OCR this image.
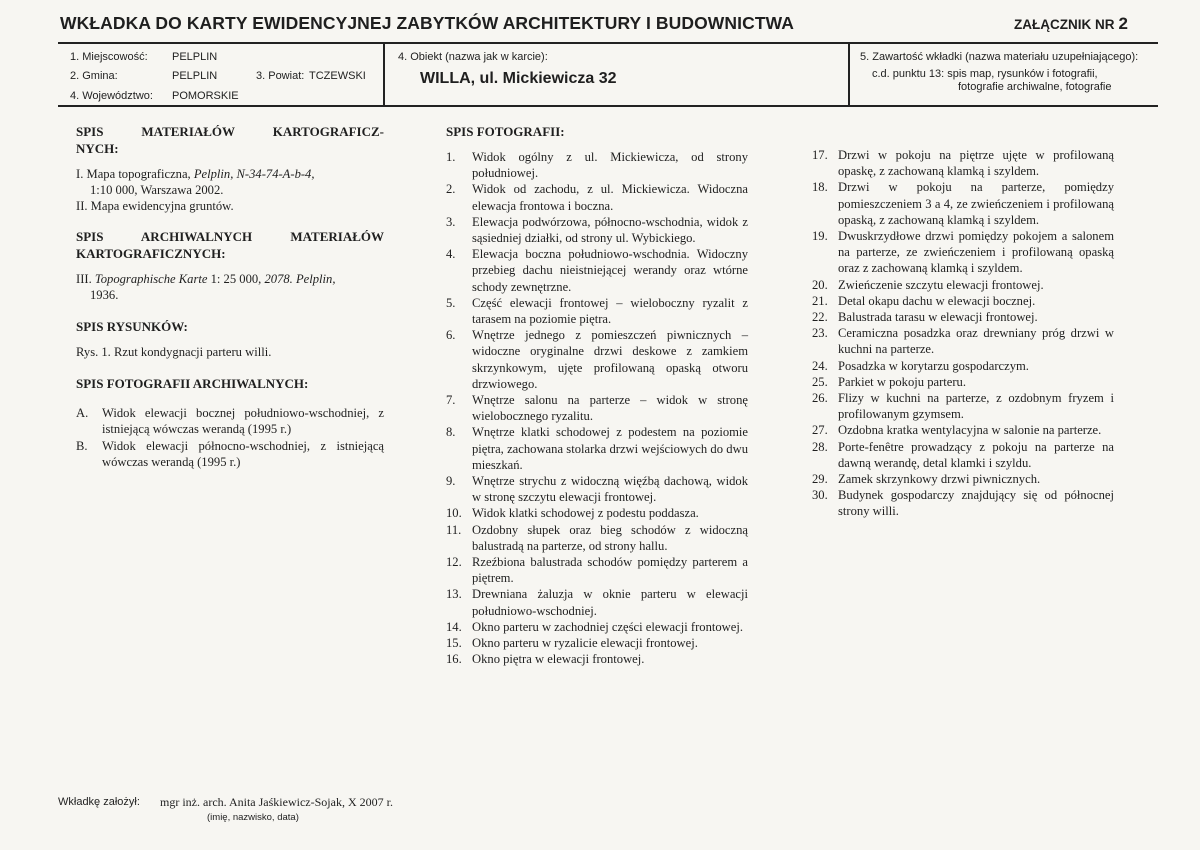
WKŁADKA DO KARTY EWIDENCYJNEJ ZABYTKÓW ARCHITEKTURY I BUDOWNICTWA	ZAŁĄCZNIK NR 2
1. Miejscowość: PELPLIN
2. Gmina:	PELPLIN	3. Powiat: TCZEWSKI
4. Województwo: POMORSKIE
4. Obiekt (nazwa jak w karcie):
WILLA, ul. Mickiewicza 32
5. Zawartość wkładki (nazwa materiału uzupełniającego):
c.d. punktu 13: spis map, rysunków i fotografii,
fotografie archiwalne, fotografie
SPIS MATERIAŁÓW KARTOGRAFICZ-
NYCH:
I. Mapa topograficzna, Pelplin, N-34-74-A-b-4,
1:10 000, Warszawa 2002.
II. Mapa ewidencyjna gruntów.
SPIS ARCHIWALNYCH MATERIAŁÓW
KARTOGRAFICZNYCH:
III. Topographische Karte 1: 25 000, 2078. Pelplin,
1936.
SPIS RYSUNKÓW:
Rys. 1. Rzut kondygnacji parteru willi.
SPIS FOTOGRAFII ARCHIWALNYCH:
A.	Widok elewacji bocznej południowo-wschodniej, z istniejącą wówczas werandą (1995 r.)
B.	Widok elewacji północno-wschodniej, z istniejącą wówczas werandą (1995 r.)
SPIS FOTOGRAFII:
1.	Widok ogólny z ul. Mickiewicza, od strony południowej.
2.	Widok od zachodu, z ul. Mickiewicza. Widoczna elewacja frontowa i boczna.
3.	Elewacja podwórzowa, północno-wschodnia, widok z sąsiedniej działki, od strony ul. Wybickiego.
4.	Elewacja boczna południowo-wschodnia. Widoczny przebieg dachu nieistniejącej werandy oraz wtórne schody zewnętrzne.
5.	Część elewacji frontowej – wieloboczny ryzalit z tarasem na poziomie piętra.
6.	Wnętrze jednego z pomieszczeń piwnicznych – widoczne oryginalne drzwi deskowe z zamkiem skrzynkowym, ujęte profilowaną opaską otworu drzwiowego.
7.	Wnętrze salonu na parterze – widok w stronę wielobocznego ryzalitu.
8.	Wnętrze klatki schodowej z podestem na poziomie piętra, zachowana stolarka drzwi wejściowych do dwu mieszkań.
9.	Wnętrze strychu z widoczną więźbą dachową, widok w stronę szczytu elewacji frontowej.
10. Widok klatki schodowej z podestu poddasza.
11. Ozdobny słupek oraz bieg schodów z widoczną balustradą na parterze, od strony hallu.
12. Rzeźbiona balustrada schodów pomiędzy parterem a piętrem.
13. Drewniana żaluzja w oknie parteru w elewacji południowo-wschodniej.
14. Okno parteru w zachodniej części elewacji frontowej.
15. Okno parteru w ryzalicie elewacji frontowej.
16. Okno piętra w elewacji frontowej.
17. Drzwi w pokoju na piętrze ujęte w profilowaną opaskę, z zachowaną klamką i szyldem.
18. Drzwi w pokoju na parterze, pomiędzy pomieszczeniem 3 a 4, ze zwieńczeniem i profilowaną opaską, z zachowaną klamką i szyldem.
19. Dwuskrzydłowe drzwi pomiędzy pokojem a salonem na parterze, ze zwieńczeniem i profilowaną opaską oraz z zachowaną klamką i szyldem.
20. Zwieńczenie szczytu elewacji frontowej.
21. Detal okapu dachu w elewacji bocznej.
22. Balustrada tarasu w elewacji frontowej.
23. Ceramiczna posadzka oraz drewniany próg drzwi w kuchni na parterze.
24. Posadzka w korytarzu gospodarczym.
25. Parkiet w pokoju parteru.
26. Flizy w kuchni na parterze, z ozdobnym fryzem i profilowanym gzymsem.
27. Ozdobna kratka wentylacyjna w salonie na parterze.
28. Porte-fenêtre prowadzący z pokoju na parterze na dawną werandę, detal klamki i szyldu.
29. Zamek skrzynkowy drzwi piwnicznych.
30. Budynek gospodarczy znajdujący się od północnej strony willi.
Wkładkę założył: mgr inż. arch. Anita Jaśkiewicz-Sojak, X 2007 r.
(imię, nazwisko, data)
